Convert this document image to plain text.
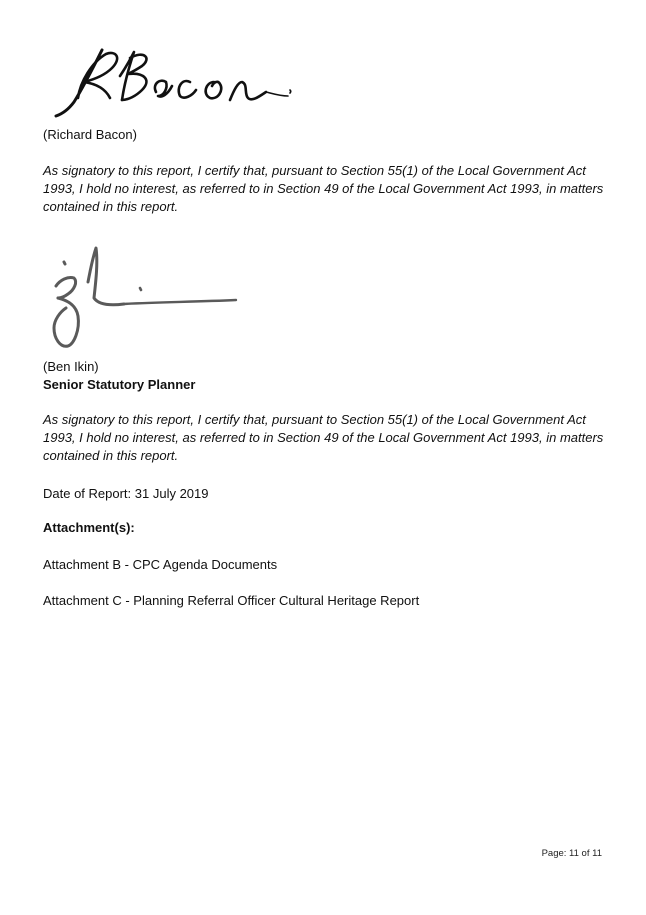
(Richard Bacon)

As signatory to this report, I certify that, pursuant to Section 55(1) of the Local Government Act 1993, I hold no interest, as referred to in Section 49 of the Local Government Act 1993, in matters contained in this report.

(Ben Ikin)

Senior Statutory Planner

As signatory to this report, I certify that, pursuant to Section 55(1) of the Local Government Act 1993, I hold no interest, as referred to in Section 49 of the Local Government Act 1993, in matters contained in this report.

Date of Report: 31 July 2019

Attachment(s):

Attachment B - CPC Agenda Documents

Attachment C - Planning Referral Officer Cultural Heritage Report

Page: 11 of 11
